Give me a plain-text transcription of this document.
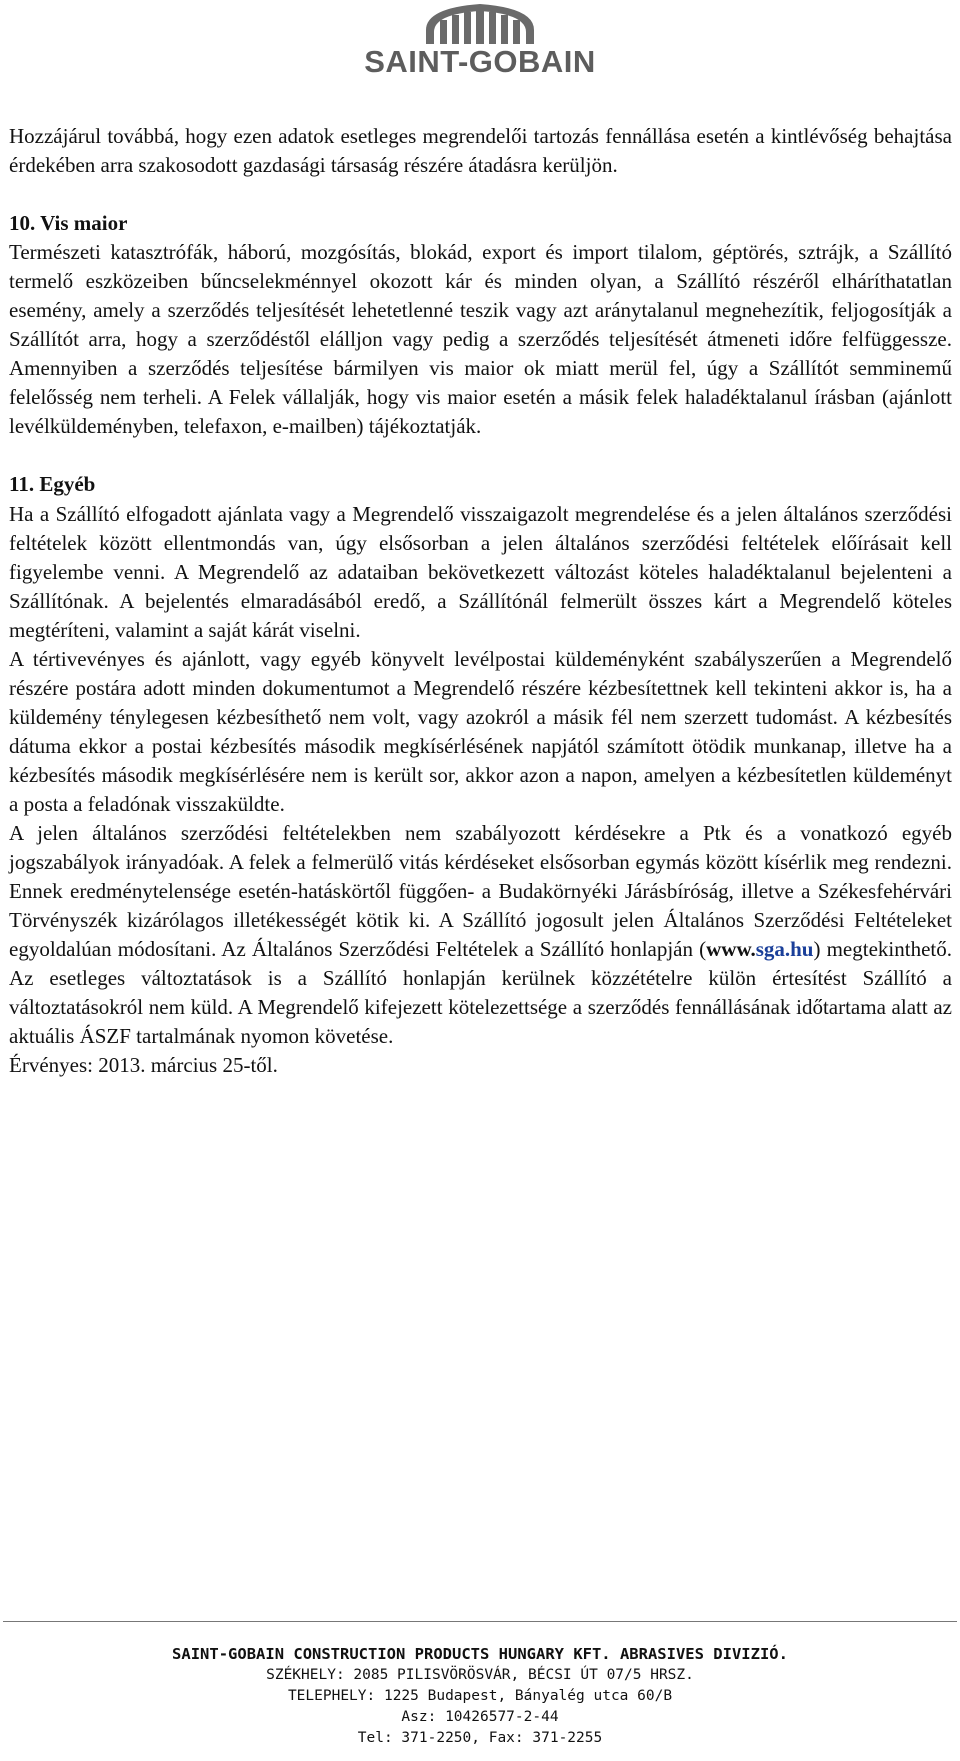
SAINT-GOBAIN

Hozzájárul továbbá, hogy ezen adatok esetleges megrendelői tartozás fennállása esetén a kintlévőség behajtása érdekében arra szakosodott gazdasági társaság részére átadásra kerüljön.

10. Vis maior

Természeti katasztrófák, háború, mozgósítás, blokád, export és import tilalom, géptörés, sztrájk, a Szállító termelő eszközeiben bűncselekménnyel okozott kár és minden olyan, a Szállító részéről elháríthatatlan esemény, amely a szerződés teljesítését lehetetlenné teszik vagy azt aránytalanul megnehezítik, feljogosítják a Szállítót arra, hogy a szerződéstől elálljon vagy pedig a szerződés teljesítését átmeneti időre felfüggessze. Amennyiben a szerződés teljesítése bármilyen vis maior ok miatt merül fel, úgy a Szállítót semminemű felelősség nem terheli. A Felek vállalják, hogy vis maior esetén a másik felek haladéktalanul írásban (ajánlott levélküldeményben, telefaxon, e-mailben) tájékoztatják.

11. Egyéb

Ha a Szállító elfogadott ajánlata vagy a Megrendelő visszaigazolt megrendelése és a jelen általános szerződési feltételek között ellentmondás van, úgy elsősorban a jelen általános szerződési feltételek előírásait kell figyelembe venni. A Megrendelő az adataiban bekövetkezett változást köteles haladéktalanul bejelenteni a Szállítónak. A bejelentés elmaradásából eredő, a Szállítónál felmerült összes kárt a Megrendelő köteles megtéríteni, valamint a saját kárát viselni.

A tértivevényes és ajánlott, vagy egyéb könyvelt levélpostai küldeményként szabályszerűen a Megrendelő részére postára adott minden dokumentumot a Megrendelő részére kézbesítettnek kell tekinteni akkor is, ha a küldemény ténylegesen kézbesíthető nem volt, vagy azokról a másik fél nem szerzett tudomást. A kézbesítés dátuma ekkor a postai kézbesítés második megkísérlésének napjától számított ötödik munkanap, illetve ha a kézbesítés második megkísérlésére nem is került sor, akkor azon a napon, amelyen a kézbesítetlen küldeményt a posta a feladónak visszaküldte.

A jelen általános szerződési feltételekben nem szabályozott kérdésekre a Ptk és a vonatkozó egyéb jogszabályok irányadóak. A felek a felmerülő vitás kérdéseket elsősorban egymás között kísérlik meg rendezni. Ennek eredménytelensége esetén-hatáskörtől függően- a Budakörnyéki Járásbíróság, illetve a Székesfehérvári Törvényszék kizárólagos illetékességét kötik ki. A Szállító jogosult jelen Általános Szerződési Feltételeket egyoldalúan módosítani. Az Általános Szerződési Feltételek a Szállító honlapján (www.sga.hu) megtekinthető. Az esetleges változtatások is a Szállító honlapján kerülnek közzétételre külön értesítést Szállító a változtatásokról nem küld. A Megrendelő kifejezett kötelezettsége a szerződés fennállásának időtartama alatt az aktuális ÁSZF tartalmának nyomon követése.

Érvényes: 2013. március 25-től.

SAINT-GOBAIN CONSTRUCTION PRODUCTS HUNGARY KFT. ABRASIVES DIVIZIÓ.
SZÉKHELY: 2085 PILISVÖRÖSVÁR, BÉCSI ÚT 07/5 HRSZ.
TELEPHELY: 1225 Budapest, Bányalég utca 60/B
Asz: 10426577-2-44
Tel: 371-2250, Fax: 371-2255
